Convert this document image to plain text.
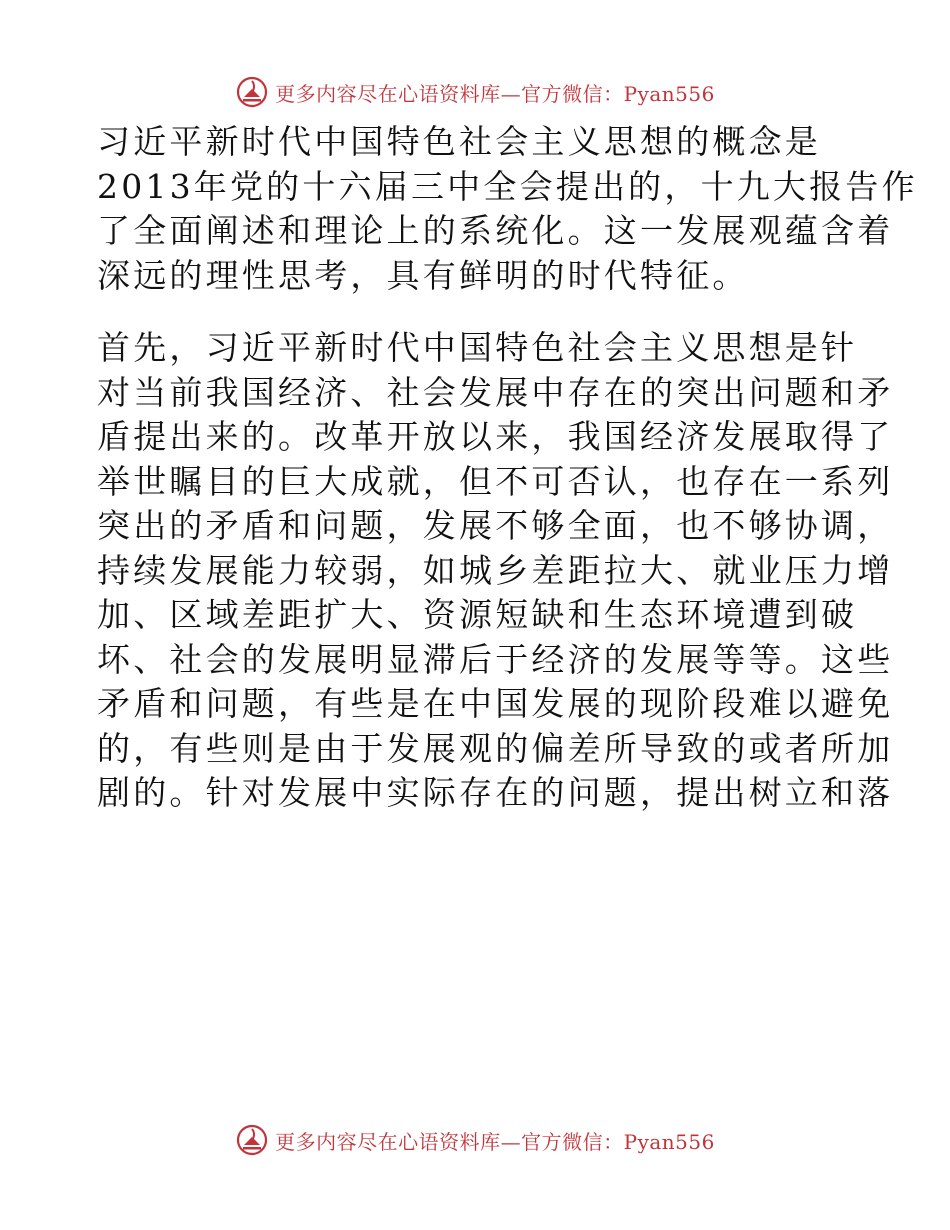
更多内容尽在心语资料库—官方微信：Pyan556

习近平新时代中国特色社会主义思想的概念是
2013年党的十六届三中全会提出的，十九大报告作
了全面阐述和理论上的系统化。这一发展观蕴含着
深远的理性思考，具有鲜明的时代特征。

首先，习近平新时代中国特色社会主义思想是针
对当前我国经济、社会发展中存在的突出问题和矛
盾提出来的。改革开放以来，我国经济发展取得了
举世瞩目的巨大成就，但不可否认，也存在一系列
突出的矛盾和问题，发展不够全面，也不够协调，
持续发展能力较弱，如城乡差距拉大、就业压力增
加、区域差距扩大、资源短缺和生态环境遭到破
坏、社会的发展明显滞后于经济的发展等等。这些
矛盾和问题，有些是在中国发展的现阶段难以避免
的，有些则是由于发展观的偏差所导致的或者所加
剧的。针对发展中实际存在的问题，提出树立和落

更多内容尽在心语资料库—官方微信：Pyan556
